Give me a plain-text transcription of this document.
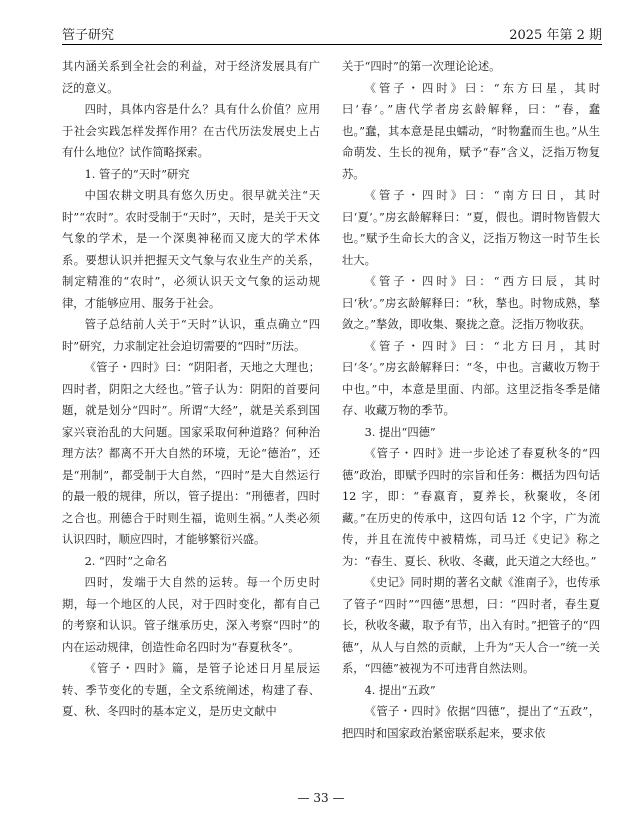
管子研究	2025 年第 2 期

其内涵关系到全社会的利益，对于经济发展具有广泛的意义。

四时，具体内容是什么？具有什么价值？应用于社会实践怎样发挥作用？在古代历法发展史上占有什么地位？试作简略探索。

1. 管子的“天时”研究

中国农耕文明具有悠久历史。很早就关注“天时”“农时”。农时受制于“天时”，天时，是关于天文气象的学术，是一个深奥神秘而又庞大的学术体系。要想认识并把握天文气象与农业生产的关系，制定精准的“农时”，必须认识天文气象的运动规律，才能够应用、服务于社会。

管子总结前人关于“天时”认识，重点确立“四时”研究，力求制定社会迫切需要的“四时”历法。

《管子・四时》曰：“阴阳者，天地之大理也；四时者，阴阳之大经也。”管子认为：阴阳的首要问题，就是划分“四时”。所谓“大经”，就是关系到国家兴衰治乱的大问题。国家采取何种道路？何种治理方法？都离不开大自然的环境，无论“德治”，还是“刑制”，都受制于大自然，“四时”是大自然运行的最一般的规律，所以，管子提出：“刑德者，四时之合也。刑德合于时则生福，诡则生祸。”人类必须认识四时，顺应四时，才能够繁衍兴盛。

2. “四时”之命名

四时，发端于大自然的运转。每一个历史时期，每一个地区的人民，对于四时变化，都有自己的考察和认识。管子继承历史，深入考察“四时”的内在运动规律，创造性命名四时为“春夏秋冬”。

《管子・四时》篇，是管子论述日月星辰运转、季节变化的专题，全文系统阐述，构建了春、夏、秋、冬四时的基本定义，是历史文献中

关于“四时”的第一次理论论述。

《管子・四时》曰：“东方曰星，其时曰‘春’。”唐代学者房玄龄解释，曰：“春，蠢也。”蠢，其本意是昆虫蠕动，“时物蠢而生也。”从生命萌发、生长的视角，赋予“春”含义，泛指万物复苏。

《管子・四时》曰：“南方曰日，其时曰‘夏’。”房玄龄解释曰：“夏，假也。谓时物皆假大也。”赋予生命长大的含义，泛指万物这一时节生长壮大。

《管子・四时》曰：“西方曰辰，其时曰‘秋’。”房玄龄解释曰：“秋，揫也。时物成熟，揫敛之。”揫敛，即收集、聚拢之意。泛指万物收获。

《管子・四时》曰：“北方曰月，其时曰‘冬’。”房玄龄解释曰：“冬，中也。言藏收万物于中也。”中，本意是里面、内部。这里泛指冬季是储存、收藏万物的季节。

3. 提出“四德”

《管子・四时》进一步论述了春夏秋冬的“四德”政治，即赋予四时的宗旨和任务：概括为四句话 12 字，即：“春嬴育，夏养长，秋聚收，冬闭藏。”在历史的传承中，这四句话 12 个字，广为流传，并且在流传中被精炼，司马迁《史记》称之为：“春生、夏长、秋收、冬藏，此天道之大经也。”

《史记》同时期的著名文献《淮南子》，也传承了管子“四时”“四德”思想，曰：“四时者，春生夏长，秋收冬藏，取予有节，出入有时。”把管子的“四德”，从人与自然的贡献，上升为“天人合一”统一关系，“四德”被视为不可违背自然法则。

4. 提出“五政”

《管子・四时》依据“四德”，提出了“五政”，把四时和国家政治紧密联系起来，要求依

— 33 —
